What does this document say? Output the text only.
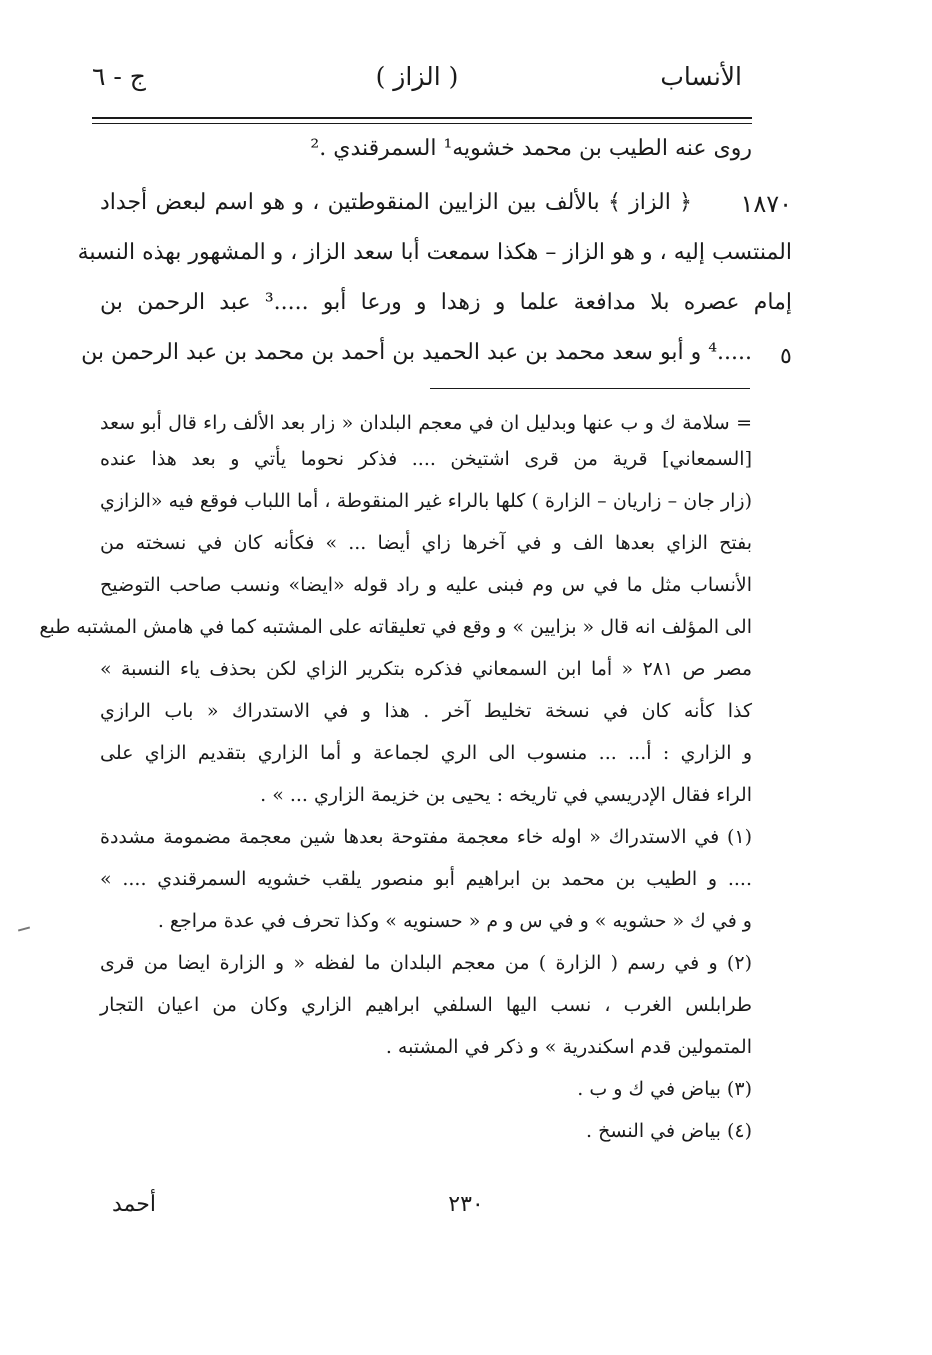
الأنساب
( الزاز )
ج - ٦
روى عنه الطيب بن محمد خشويه¹ السمرقندي .²
١٨٧٠
﴿ الزاز ﴾ بالألف بين الزايين المنقوطتين ، و هو اسم لبعض أجداد
المنتسب إليه ، و هو الزاز – هكذا سمعت أبا سعد الزاز ، و المشهور بهذه النسبة
إمام عصره بلا مدافعة علما و زهدا و ورعا أبو .....³ عبد الرحمن بن
٥
.....⁴ و أبو سعد محمد بن عبد الحميد بن أحمد بن محمد بن عبد الرحمن بن
= سلامة ك و ب عنها وبدليل ان في معجم البلدان « زار بعد الألف راء قال أبو سعد
[السمعاني] قرية من قرى اشتيخن .... فذكر نحوما يأتي و بعد هذا عنده
(زار جان – زاريان – الزارة ) كلها بالراء غير المنقوطة ، أما اللباب فوقع فيه «الزازي
بفتح الزاي بعدها الف و في آخرها زاي أيضا ... » فكأنه كان في نسخته من
الأنساب مثل ما في س وم فبنى عليه و راد قوله «ايضا» ونسب صاحب التوضيح
الى المؤلف انه قال « بزايين » و وقع في تعليقاته على المشتبه كما في هامش المشتبه طبع
مصر ص ٢٨١ « أما ابن السمعاني فذكره بتكرير الزاي لكن بحذف ياء النسبة »
كذا كأنه كان في نسخة تخليط آخر . هذا و في الاستدراك « باب الرازي
و الزاري : أ... ... منسوب الى الري لجماعة و أما الزاري بتقديم الزاي على
الراء فقال الإدريسي في تاريخه : يحيى بن خزيمة الزاري ... » .
(١) في الاستدراك « اوله خاء معجمة مفتوحة بعدها شين معجمة مضمومة مشددة
.... و الطيب بن محمد بن ابراهيم أبو منصور يلقب خشويه السمرقندي .... »
و في ك « حشويه » و في س و م « حسنويه » وكذا تحرف في عدة مراجع .
(٢) و في رسم ( الزارة ) من معجم البلدان ما لفظه « و الزارة ايضا من قرى
طرابلس الغرب ، نسب اليها السلفي ابراهيم الزاري وكان من اعيان التجار
المتمولين قدم اسكندرية » و ذكر في المشتبه .
(٣) بياض في ك و ب .
(٤) بياض في النسخ .
٢٣٠
أحمد
